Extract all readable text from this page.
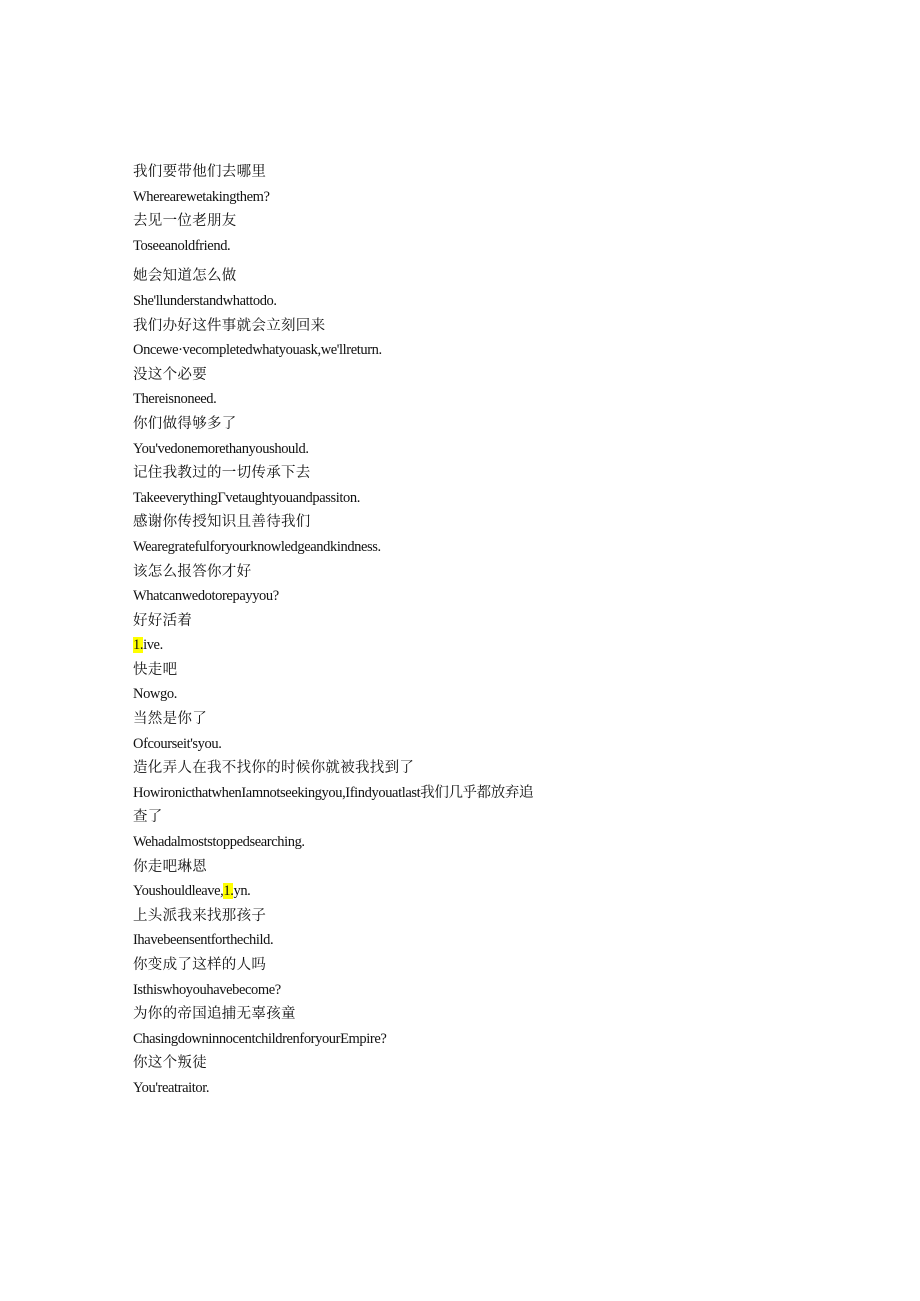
我们要带他们去哪里
Wherearewetakingthem?
去见一位老朋友
Toseeanoldfriend.
她会知道怎么做
She'llunderstandwhattodo.
我们办好这件事就会立刻回来
Oncewe·vecompletedwhatyouask,we'llreturn.
没这个必要
Thereisnoneed.
你们做得够多了
You'vedonemorethanyoushould.
记住我教过的一切传承下去
TakeeverythingΓvetaughtyouandpassiton.
感谢你传授知识且善待我们
Wearegratefulforyourknowledgeandkindness.
该怎么报答你才好
Whatcanwedotorepayyou?
好好活着
1.ive.
快走吧
Nowgo.
当然是你了
Ofcourseit'syou.
造化弄人在我不找你的时候你就被我找到了
HowironicthatwhenIamnotseekingyou,Ifindyouatlast我们几乎都放弃追
查了
Wehadalmoststoppedsearching.
你走吧琳恩
Youshouldleave,1.yn.
上头派我来找那孩子
Ihavebeensentforthechild.
你变成了这样的人吗
Isthiswhoyouhavebecome?
为你的帝国追捕无辜孩童
ChasingdowninnocentchildrenforyourEmpire?
你这个叛徒
You'reatraitor.
